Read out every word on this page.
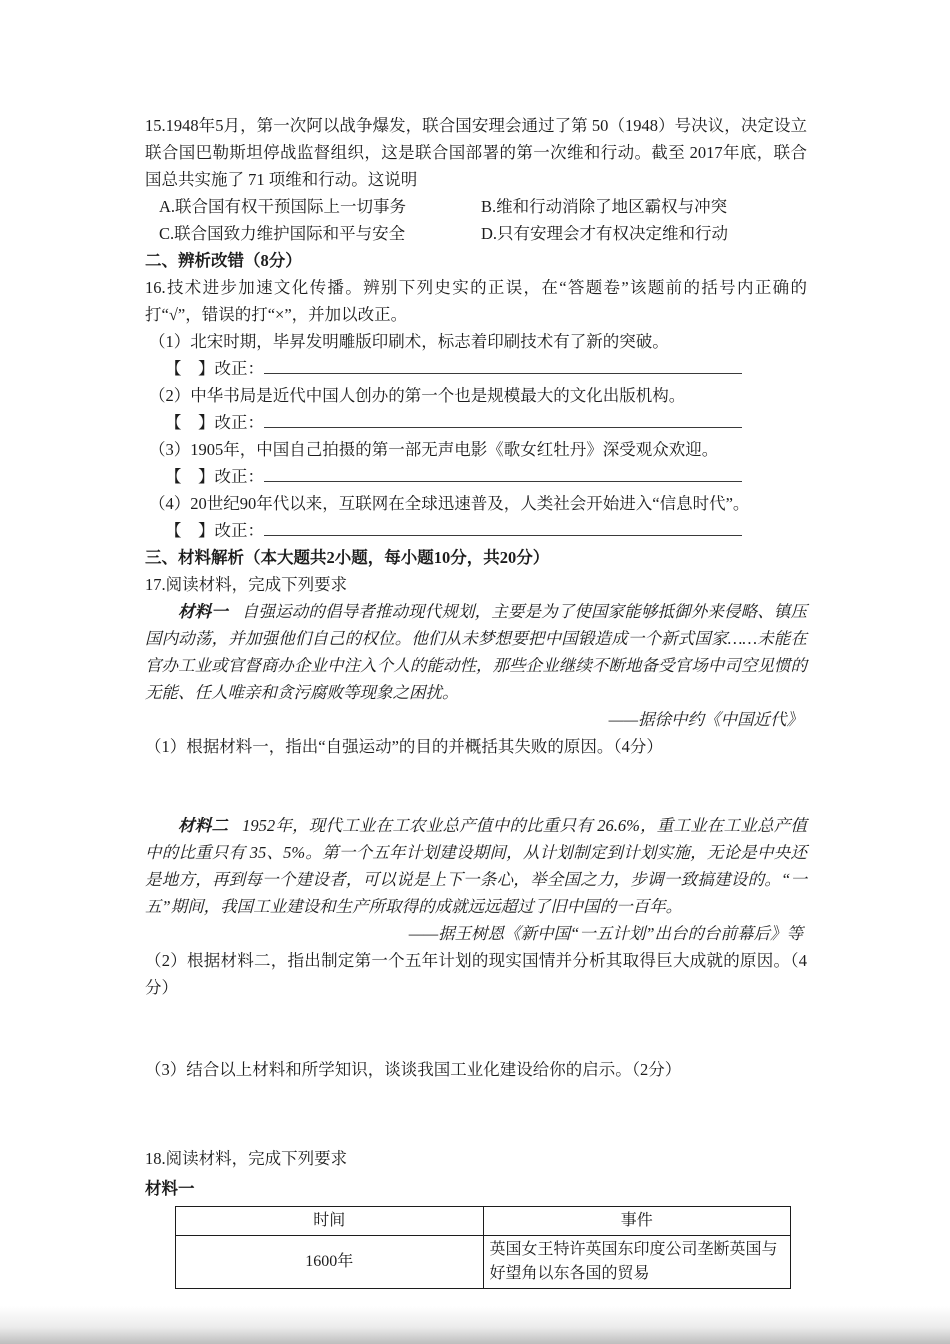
15.1948年5月，第一次阿以战争爆发，联合国安理会通过了第 50（1948）号决议，决定设立联合国巴勒斯坦停战监督组织，这是联合国部署的第一次维和行动。截至 2017年底，联合国总共实施了 71 项维和行动。这说明

A.联合国有权干预国际上一切事务	B.维和行动消除了地区霸权与冲突
C.联合国致力维护国际和平与安全	D.只有安理会才有权决定维和行动

二、辨析改错（8分）

16.技术进步加速文化传播。辨别下列史实的正误，在“答题卷”该题前的括号内正确的打“√”，错误的打“×”，并加以改正。

（1）北宋时期，毕昇发明雕版印刷术，标志着印刷技术有了新的突破。

【　】改正：

（2）中华书局是近代中国人创办的第一个也是规模最大的文化出版机构。

【　】改正：

（3）1905年，中国自己拍摄的第一部无声电影《歌女红牡丹》深受观众欢迎。

【　】改正：

（4）20世纪90年代以来，互联网在全球迅速普及，人类社会开始进入“信息时代”。

【　】改正：

三、材料解析（本大题共2小题，每小题10分，共20分）

17.阅读材料，完成下列要求

材料一 自强运动的倡导者推动现代规划，主要是为了使国家能够抵御外来侵略、镇压国内动荡，并加强他们自己的权位。他们从未梦想要把中国锻造成一个新式国家……未能在官办工业或官督商办企业中注入个人的能动性，那些企业继续不断地备受官场中司空见惯的无能、任人唯亲和贪污腐败等现象之困扰。

——据徐中约《中国近代》

（1）根据材料一，指出“自强运动”的目的并概括其失败的原因。（4分）

材料二 1952年，现代工业在工农业总产值中的比重只有 26.6%，重工业在工业总产值中的比重只有 35、5%。第一个五年计划建设期间，从计划制定到计划实施，无论是中央还是地方，再到每一个建设者，可以说是上下一条心，举全国之力，步调一致搞建设的。“一五”期间，我国工业建设和生产所取得的成就远远超过了旧中国的一百年。

——据王树恩《新中国“一五计划”出台的台前幕后》等

（2）根据材料二，指出制定第一个五年计划的现实国情并分析其取得巨大成就的原因。（4分）

（3）结合以上材料和所学知识，谈谈我国工业化建设给你的启示。（2分）

18.阅读材料，完成下列要求

材料一

时间	事件
1600年	英国女王特许英国东印度公司垄断英国与好望角以东各国的贸易
